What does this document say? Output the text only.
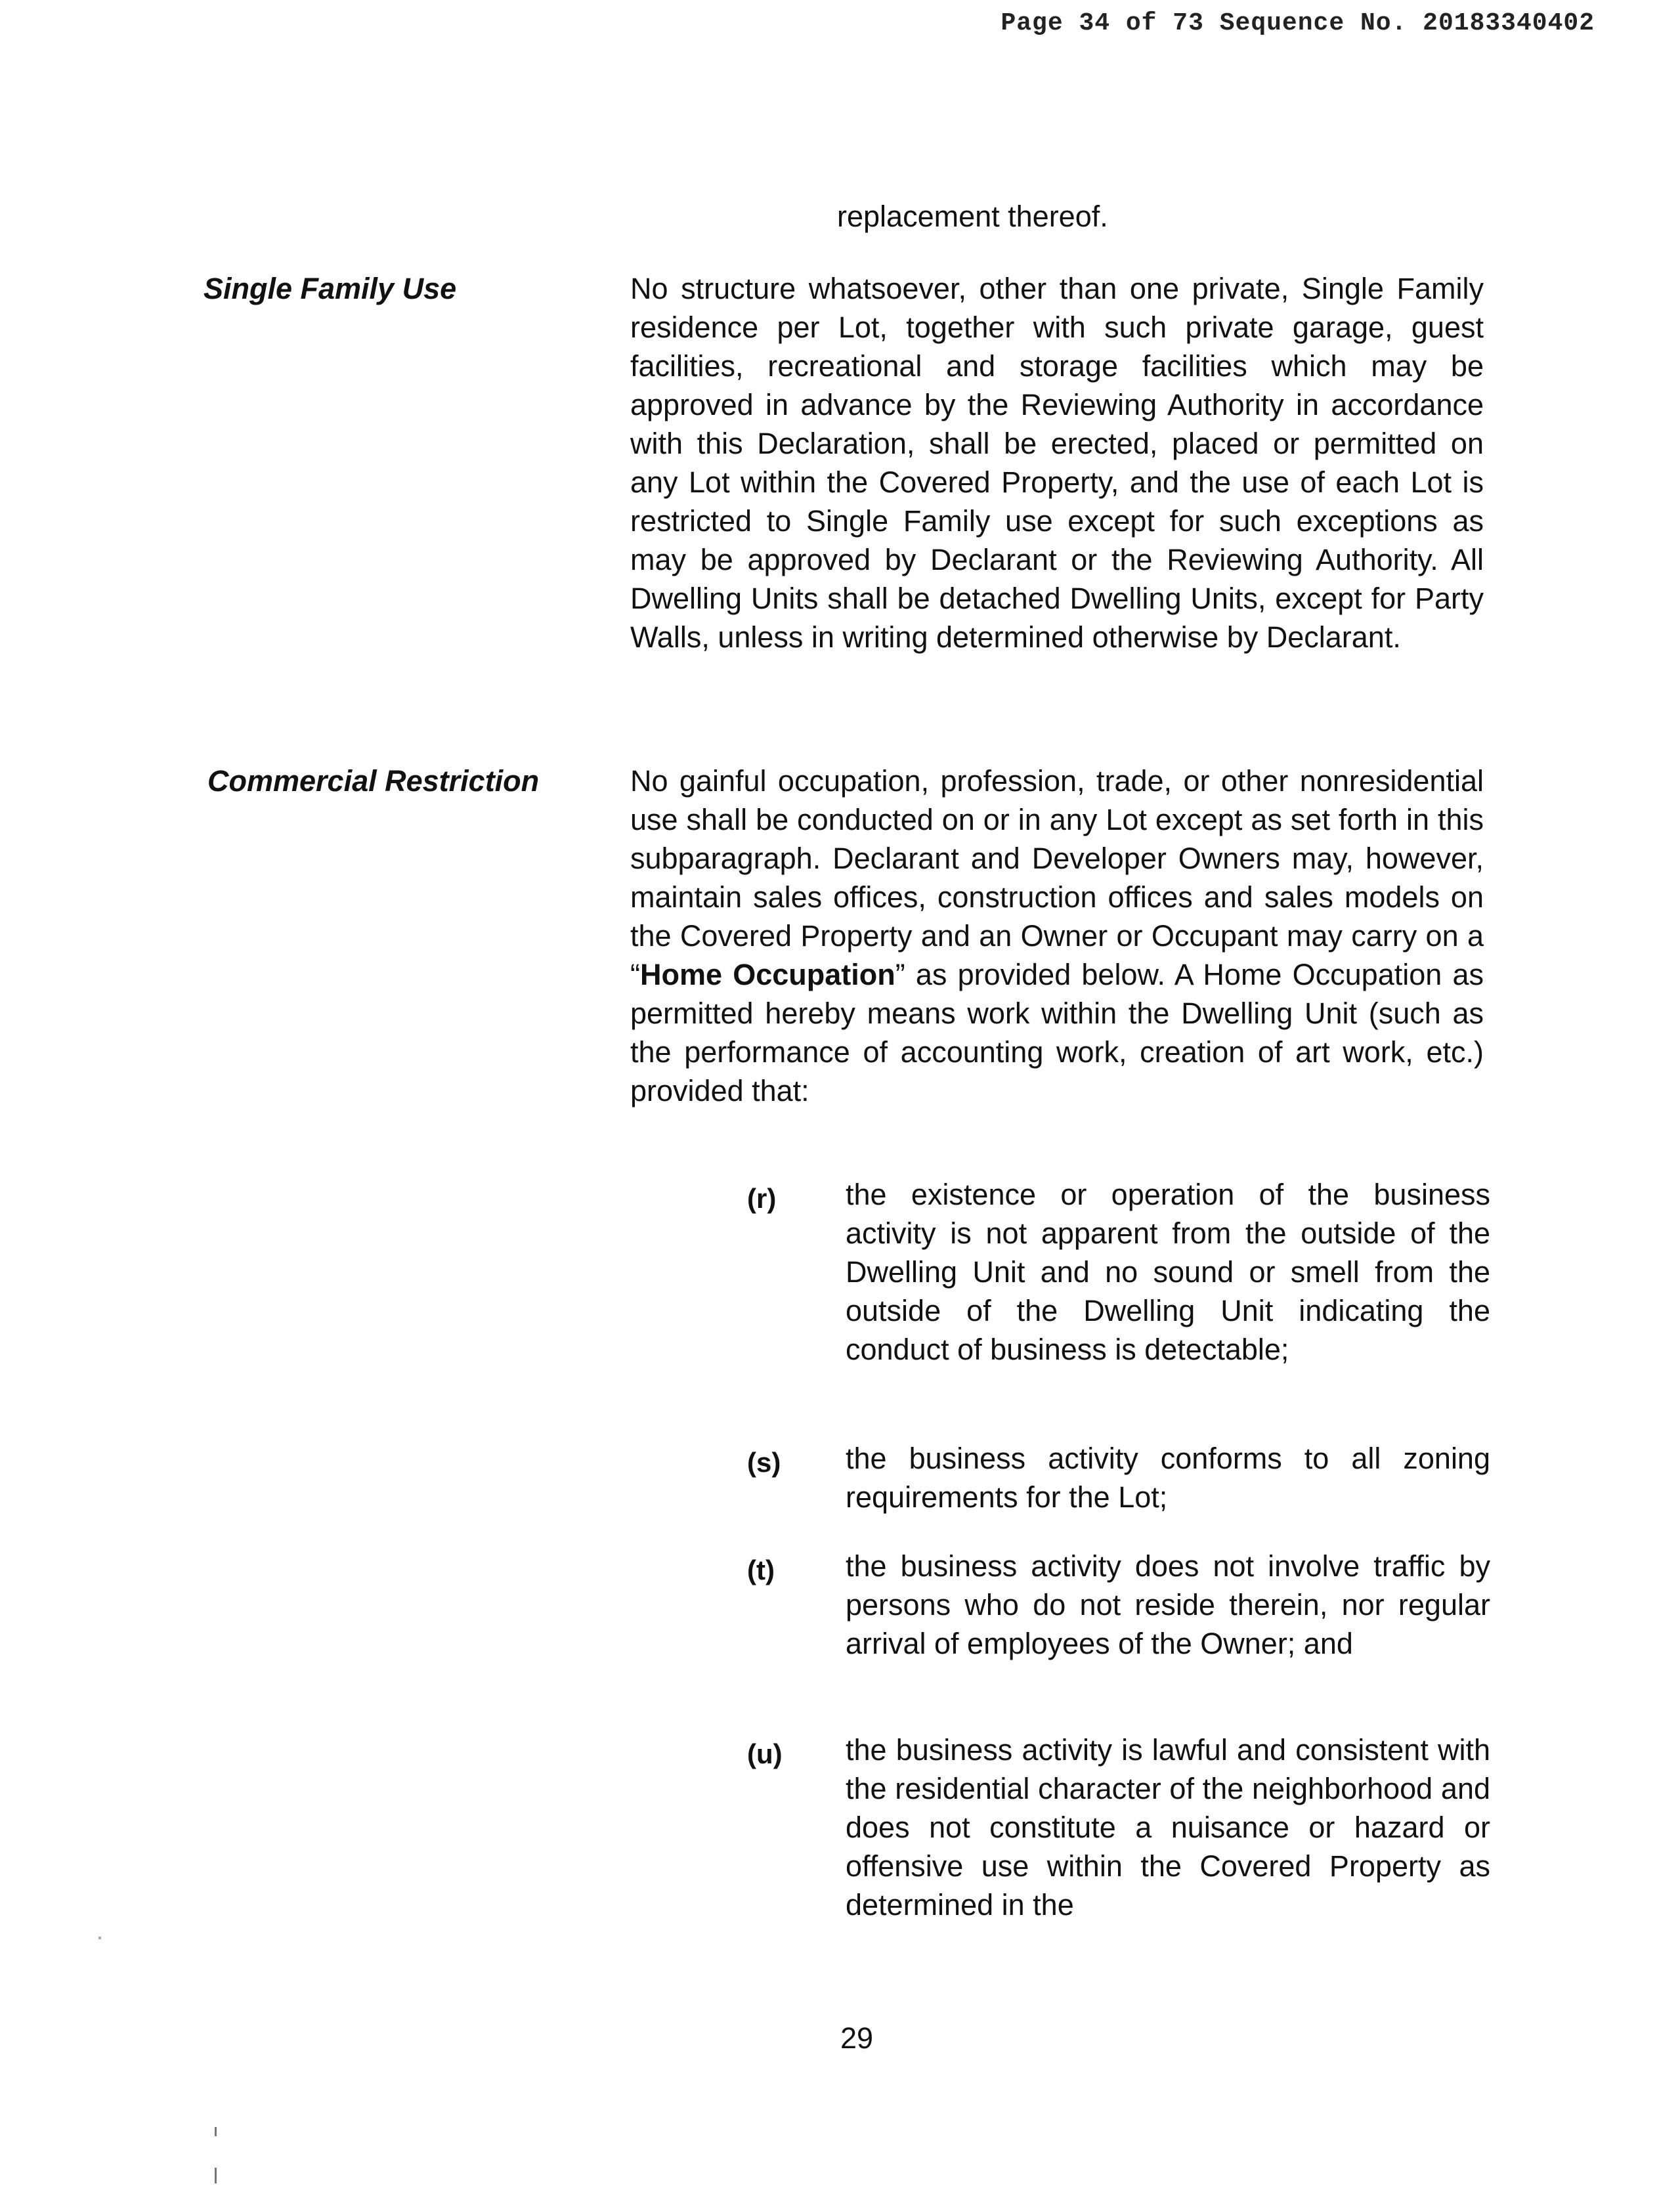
Page 34 of 73 Sequence No. 20183340402
replacement thereof.
Single Family Use	No structure whatsoever, other than one private, Single Family residence per Lot, together with such private garage, guest facilities, recreational and storage facilities which may be approved in advance by the Reviewing Authority in accordance with this Declaration, shall be erected, placed or permitted on any Lot within the Covered Property, and the use of each Lot is restricted to Single Family use except for such exceptions as may be approved by Declarant or the Reviewing Authority. All Dwelling Units shall be detached Dwelling Units, except for Party Walls, unless in writing determined otherwise by Declarant.
Commercial Restriction	No gainful occupation, profession, trade, or other nonresidential use shall be conducted on or in any Lot except as set forth in this subparagraph. Declarant and Developer Owners may, however, maintain sales offices, construction offices and sales models on the Covered Property and an Owner or Occupant may carry on a “Home Occupation” as provided below. A Home Occupation as permitted hereby means work within the Dwelling Unit (such as the performance of accounting work, creation of art work, etc.) provided that:
(r) the existence or operation of the business activity is not apparent from the outside of the Dwelling Unit and no sound or smell from the outside of the Dwelling Unit indicating the conduct of business is detectable;
(s) the business activity conforms to all zoning requirements for the Lot;
(t) the business activity does not involve traffic by persons who do not reside therein, nor regular arrival of employees of the Owner; and
(u) the business activity is lawful and consistent with the residential character of the neighborhood and does not constitute a nuisance or hazard or offensive use within the Covered Property as determined in the
29
